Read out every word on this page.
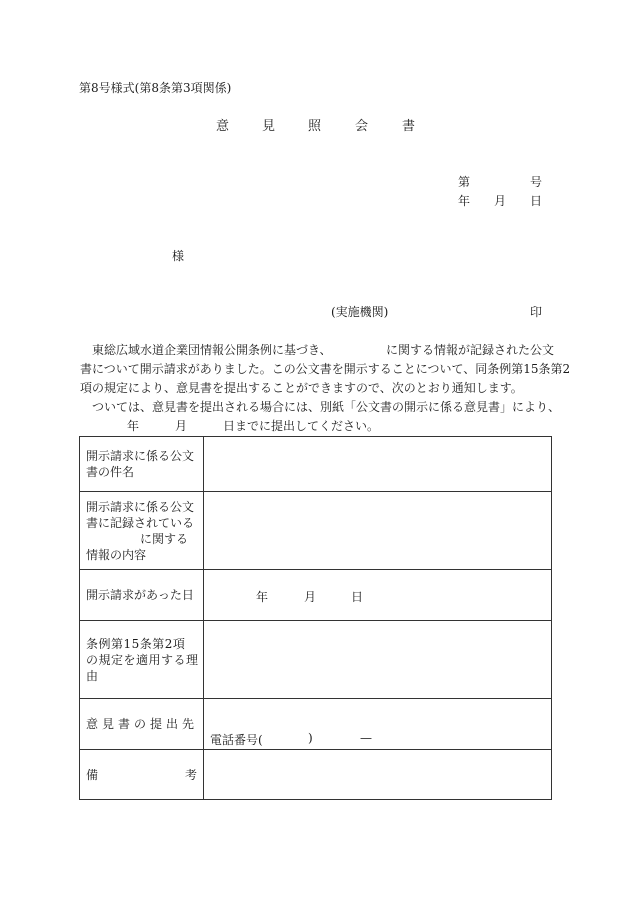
第8号様式(第8条第3項関係)
意	見	照	会	書
第	号
年 月 日
様
(実施機関)	印
東総広域水道企業団情報公開条例に基づき、	に関する情報が記録された公文
書について開示請求がありました。この公文書を開示することについて、同条例第15条第2
項の規定により、意見書を提出することができますので、次のとおり通知します。
ついては、意見書を提出される場合には、別紙「公文書の開示に係る意見書」により、
年	月	日までに提出してください。
開示請求に係る公文
書の件名	

開示請求に係る公文
書に記録されている
に関する
情報の内容	

開示請求があった日	年 月 日

条例第15条第2項
の規定を適用する理
由	

意見書の提出先	電話番号( ) —

備 考	
